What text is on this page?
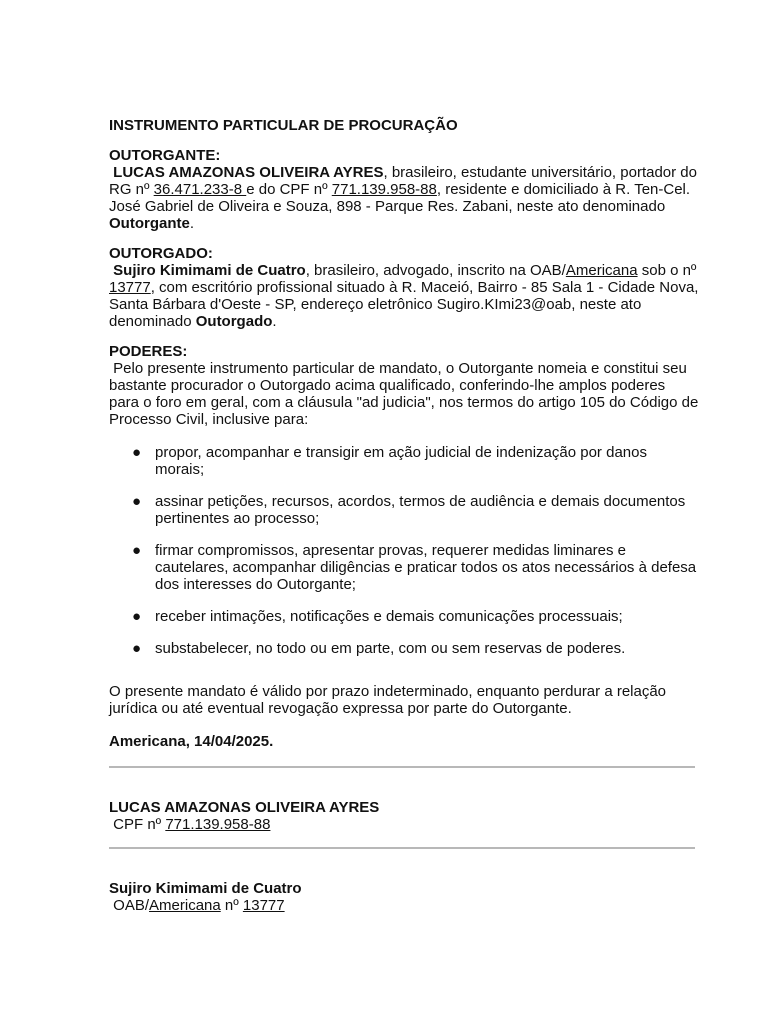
INSTRUMENTO PARTICULAR DE PROCURAÇÃO

OUTORGANTE:
LUCAS AMAZONAS OLIVEIRA AYRES, brasileiro, estudante universitário, portador do RG nº 36.471.233-8 e do CPF nº 771.139.958-88, residente e domiciliado à R. Ten-Cel. José Gabriel de Oliveira e Souza, 898 - Parque Res. Zabani, neste ato denominado Outorgante.
OUTORGADO:
Sujiro Kimimami de Cuatro, brasileiro, advogado, inscrito na OAB/Americana sob o nº 13777, com escritório profissional situado à R. Maceió, Bairro - 85 Sala 1 - Cidade Nova, Santa Bárbara d'Oeste - SP, endereço eletrônico Sugiro.KImi23@oab, neste ato denominado Outorgado.
PODERES:
Pelo presente instrumento particular de mandato, o Outorgante nomeia e constitui seu bastante procurador o Outorgado acima qualificado, conferindo-lhe amplos poderes para o foro em geral, com a cláusula "ad judicia", nos termos do artigo 105 do Código de Processo Civil, inclusive para:
● propor, acompanhar e transigir em ação judicial de indenização por danos morais;
● assinar petições, recursos, acordos, termos de audiência e demais documentos pertinentes ao processo;
● firmar compromissos, apresentar provas, requerer medidas liminares e cautelares, acompanhar diligências e praticar todos os atos necessários à defesa dos interesses do Outorgante;
● receber intimações, notificações e demais comunicações processuais;
● substabelecer, no todo ou em parte, com ou sem reservas de poderes.

O presente mandato é válido por prazo indeterminado, enquanto perdurar a relação jurídica ou até eventual revogação expressa por parte do Outorgante.

Americana, 14/04/2025.

LUCAS AMAZONAS OLIVEIRA AYRES
CPF nº 771.139.958-88
Sujiro Kimimami de Cuatro
OAB/Americana nº 13777
